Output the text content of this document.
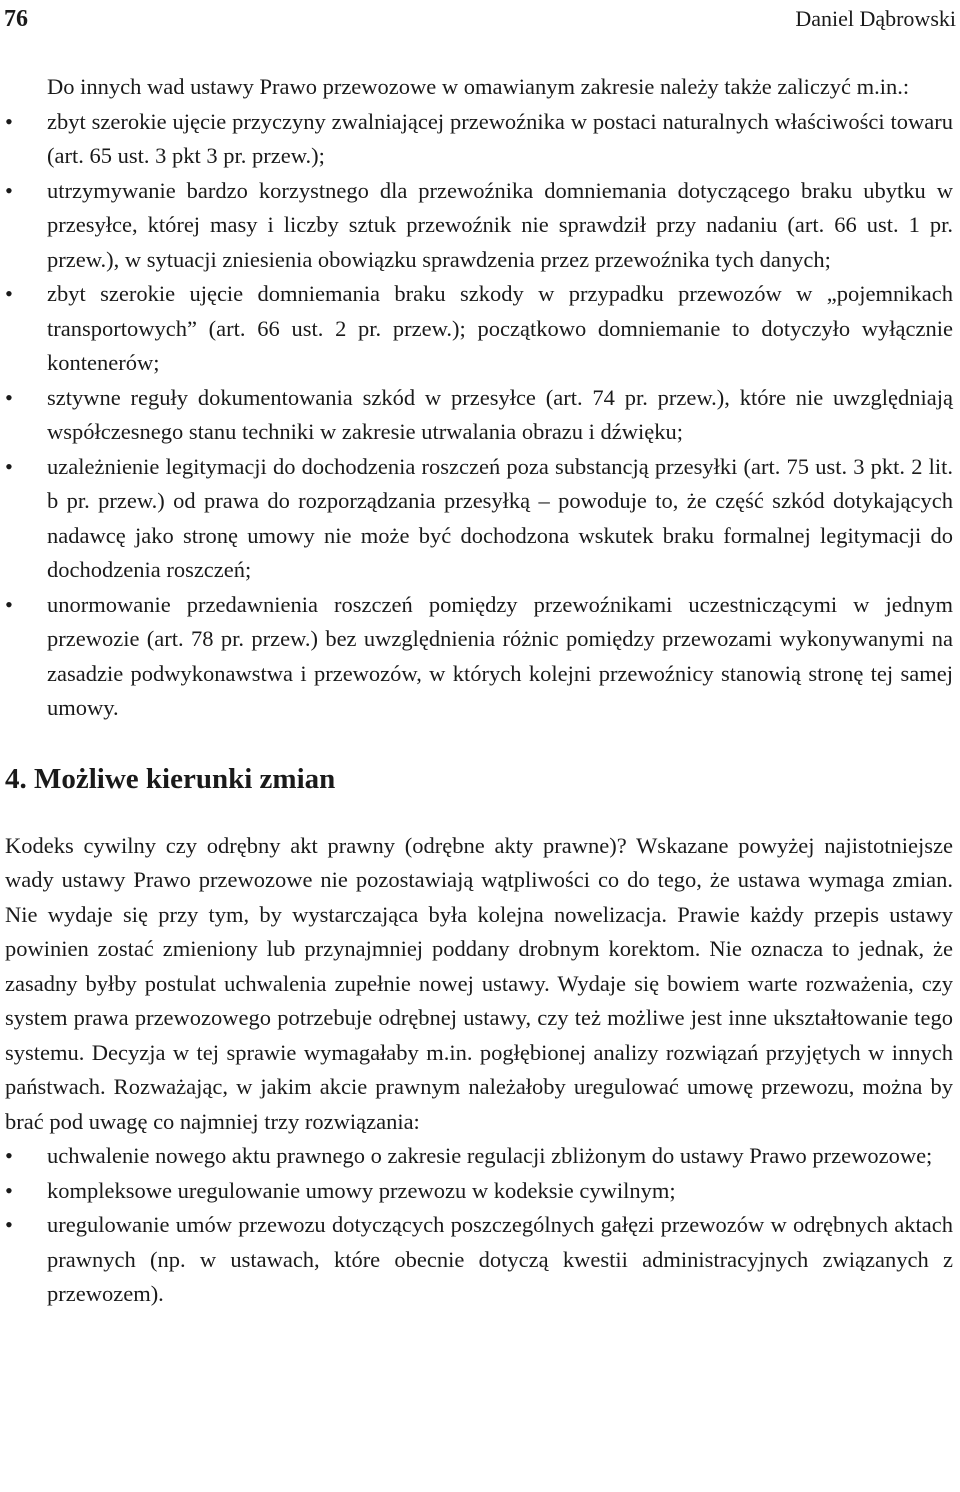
76	Daniel Dąbrowski

Do innych wad ustawy Prawo przewozowe w omawianym zakresie należy także zaliczyć m.in.:

• zbyt szerokie ujęcie przyczyny zwalniającej przewoźnika w postaci naturalnych właściwości towaru (art. 65 ust. 3 pkt 3 pr. przew.);
• utrzymywanie bardzo korzystnego dla przewoźnika domniemania dotyczącego braku ubytku w przesyłce, której masy i liczby sztuk przewoźnik nie sprawdził przy nadaniu (art. 66 ust. 1 pr. przew.), w sytuacji zniesienia obowiązku sprawdzenia przez przewoźnika tych danych;
• zbyt szerokie ujęcie domniemania braku szkody w przypadku przewozów w „pojemnikach transportowych” (art. 66 ust. 2 pr. przew.); początkowo domniemanie to dotyczyło wyłącznie kontenerów;
• sztywne reguły dokumentowania szkód w przesyłce (art. 74 pr. przew.), które nie uwzględniają współczesnego stanu techniki w zakresie utrwalania obrazu i dźwięku;
• uzależnienie legitymacji do dochodzenia roszczeń poza substancją przesyłki (art. 75 ust. 3 pkt. 2 lit. b pr. przew.) od prawa do rozporządzania przesyłką – powoduje to, że część szkód dotykających nadawcę jako stronę umowy nie może być dochodzona wskutek braku formalnej legitymacji do dochodzenia roszczeń;
• unormowanie przedawnienia roszczeń pomiędzy przewoźnikami uczestniczącymi w jednym przewozie (art. 78 pr. przew.) bez uwzględnienia różnic pomiędzy przewozami wykonywanymi na zasadzie podwykonawstwa i przewozów, w których kolejni przewoźnicy stanowią stronę tej samej umowy.
4. Możliwe kierunki zmian

Kodeks cywilny czy odrębny akt prawny (odrębne akty prawne)? Wskazane powyżej najistotniejsze wady ustawy Prawo przewozowe nie pozostawiają wątpliwości co do tego, że ustawa wymaga zmian. Nie wydaje się przy tym, by wystarczająca była kolejna nowelizacja. Prawie każdy przepis ustawy powinien zostać zmieniony lub przynajmniej poddany drobnym korektom. Nie oznacza to jednak, że zasadny byłby postulat uchwalenia zupełnie nowej ustawy. Wydaje się bowiem warte rozważenia, czy system prawa przewozowego potrzebuje odrębnej ustawy, czy też możliwe jest inne ukształtowanie tego systemu. Decyzja w tej sprawie wymagałaby m.in. pogłębionej analizy rozwiązań przyjętych w innych państwach. Rozważając, w jakim akcie prawnym należałoby uregulować umowę przewozu, można by brać pod uwagę co najmniej trzy rozwiązania:

• uchwalenie nowego aktu prawnego o zakresie regulacji zbliżonym do ustawy Prawo przewozowe;
• kompleksowe uregulowanie umowy przewozu w kodeksie cywilnym;
• uregulowanie umów przewozu dotyczących poszczególnych gałęzi przewozów w odrębnych aktach prawnych (np. w ustawach, które obecnie dotyczą kwestii administracyjnych związanych z przewozem).
